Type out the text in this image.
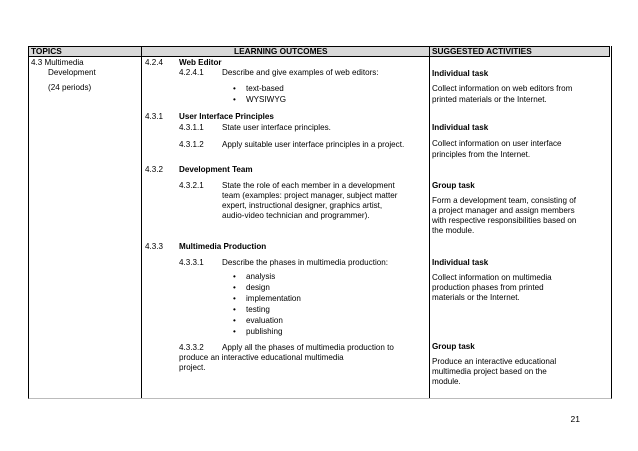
TOPICS	LEARNING OUTCOMES	SUGGESTED ACTIVITIES
4.3 Multimedia
Development
(24 periods)
4.2.4 Web Editor
4.2.4.1 Describe and give examples of web editors:
• text-based
• WYSIWYG
Individual task
Collect information on web editors from
printed materials or the Internet.
4.3.1 User Interface Principles
4.3.1.1 State user interface principles.
4.3.1.2 Apply suitable user interface principles in a project.
Individual task
Collect information on user interface
principles from the Internet.
4.3.2 Development Team
4.3.2.1 State the role of each member in a development
team (examples: project manager, subject matter
expert, instructional designer, graphics artist,
audio-video technician and programmer).
Group task
Form a development team, consisting of
a project manager and assign members
with respective responsibilities based on
the module.
4.3.3 Multimedia Production
4.3.3.1 Describe the phases in multimedia production:
• analysis
• design
• implementation
• testing
• evaluation
• publishing
Individual task
Collect information on multimedia
production phases from printed
materials or the Internet.
4.3.3.2 Apply all the phases of multimedia production to
produce an interactive educational multimedia
project.
Group task
Produce an interactive educational
multimedia project based on the
module.
21
